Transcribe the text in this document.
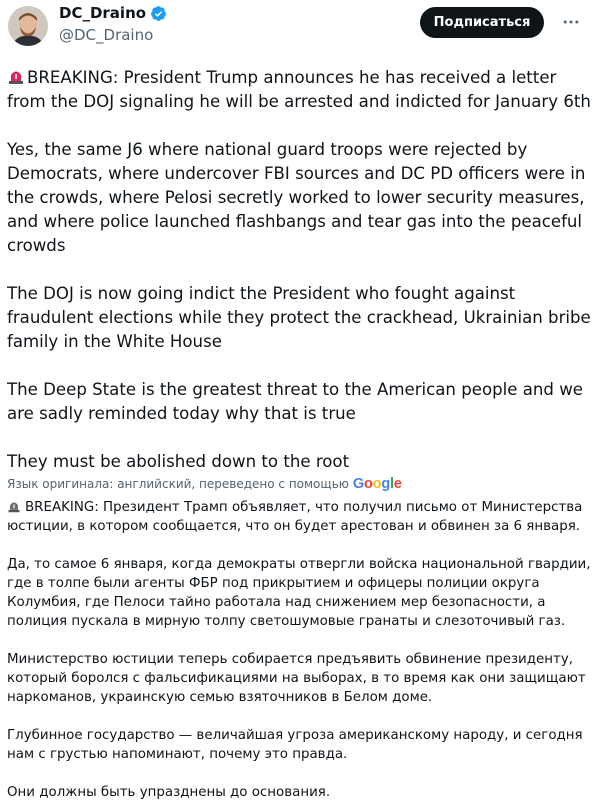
DC_Draino
@DC_Draino
Подписаться

BREAKING: President Trump announces he has received a letter from the DOJ signaling he will be arrested and indicted for January 6th

Yes, the same J6 where national guard troops were rejected by Democrats, where undercover FBI sources and DC PD officers were in the crowds, where Pelosi secretly worked to lower security measures, and where police launched flashbangs and tear gas into the peaceful crowds

The DOJ is now going indict the President who fought against fraudulent elections while they protect the crackhead, Ukrainian bribe family in the White House

The Deep State is the greatest threat to the American people and we are sadly reminded today why that is true

They must be abolished down to the root

Язык оригинала: английский, переведено с помощью Google

BREAKING: Президент Трамп объявляет, что получил письмо от Министерства юстиции, в котором сообщается, что он будет арестован и обвинен за 6 января.

Да, то самое 6 января, когда демократы отвергли войска национальной гвардии, где в толпе были агенты ФБР под прикрытием и офицеры полиции округа Колумбия, где Пелоси тайно работала над снижением мер безопасности, а полиция пускала в мирную толпу светошумовые гранаты и слезоточивый газ.

Министерство юстиции теперь собирается предъявить обвинение президенту, который боролся с фальсификациями на выборах, в то время как они защищают наркоманов, украинскую семью взяточников в Белом доме.

Глубинное государство — величайшая угроза американскому народу, и сегодня нам с грустью напоминают, почему это правда.

Они должны быть упразднены до основания.
